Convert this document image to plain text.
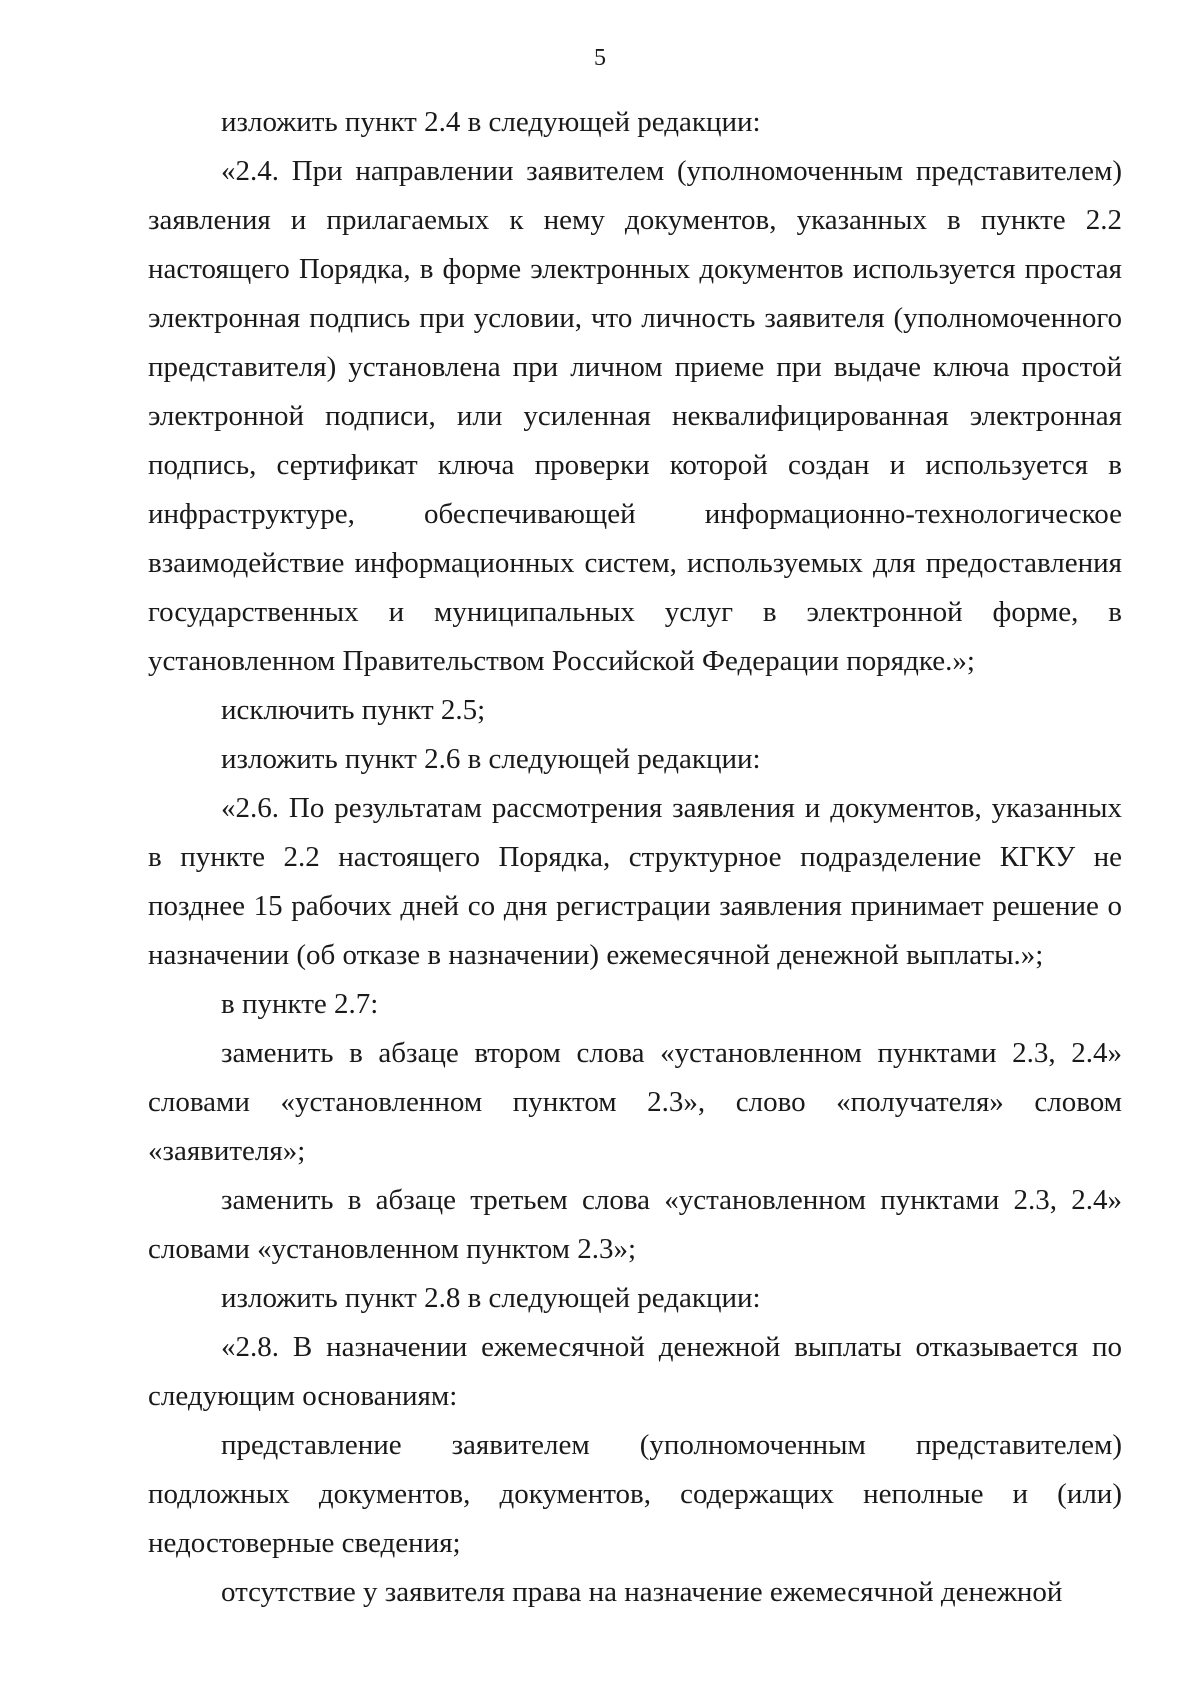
5

изложить пункт 2.4 в следующей редакции:

«2.4. При направлении заявителем (уполномоченным представителем) заявления и прилагаемых к нему документов, указанных в пункте 2.2 настоящего Порядка, в форме электронных документов используется простая электронная подпись при условии, что личность заявителя (уполномоченного представителя) установлена при личном приеме при выдаче ключа простой электронной подписи, или усиленная неквалифицированная электронная подпись, сертификат ключа проверки которой создан и используется в инфраструктуре, обеспечивающей информационно-технологическое взаимодействие информационных систем, используемых для предоставления государственных и муниципальных услуг в электронной форме, в установленном Правительством Российской Федерации порядке.»;

исключить пункт 2.5;

изложить пункт 2.6 в следующей редакции:

«2.6. По результатам рассмотрения заявления и документов, указанных в пункте 2.2 настоящего Порядка, структурное подразделение КГКУ не позднее 15 рабочих дней со дня регистрации заявления принимает решение о назначении (об отказе в назначении) ежемесячной денежной выплаты.»;

в пункте 2.7:

заменить в абзаце втором слова «установленном пунктами 2.3, 2.4» словами «установленном пунктом 2.3», слово «получателя» словом «заявителя»;

заменить в абзаце третьем слова «установленном пунктами 2.3, 2.4» словами «установленном пунктом 2.3»;

изложить пункт 2.8 в следующей редакции:

«2.8. В назначении ежемесячной денежной выплаты отказывается по следующим основаниям:

представление заявителем (уполномоченным представителем) подложных документов, документов, содержащих неполные и (или) недостоверные сведения;

отсутствие у заявителя права на назначение ежемесячной денежной
